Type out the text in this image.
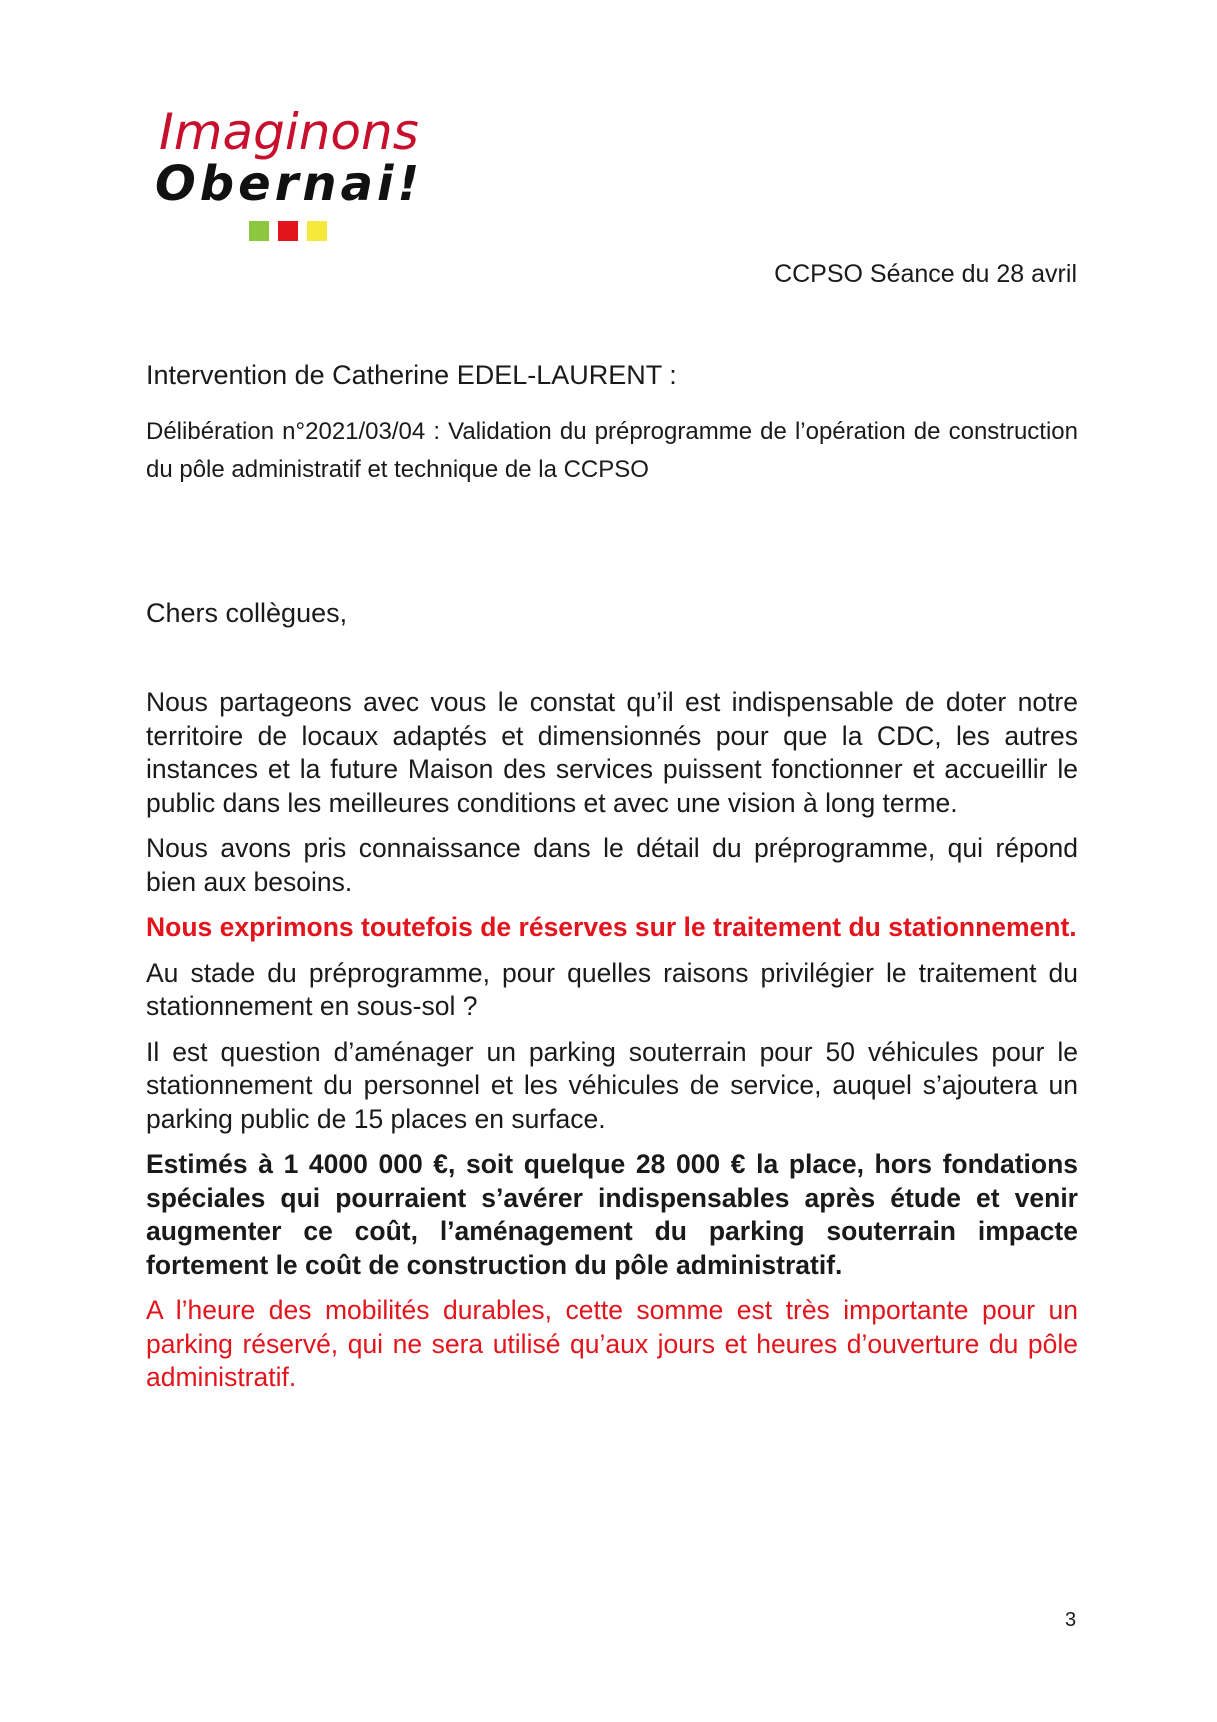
Imaginons
Obernai!
CCPSO Séance du 28 avril
Intervention de Catherine EDEL-LAURENT :
Délibération n°2021/03/04 : Validation du préprogramme de l’opération de construction du pôle administratif et technique de la CCPSO
Chers collègues,

Nous partageons avec vous le constat qu’il est indispensable de doter notre territoire de locaux adaptés et dimensionnés pour que la CDC, les autres instances et la future Maison des services puissent fonctionner et accueillir le public dans les meilleures conditions et avec une vision à long terme.

Nous avons pris connaissance dans le détail du préprogramme, qui répond bien aux besoins.

Nous exprimons toutefois de réserves sur le traitement du stationnement.

Au stade du préprogramme, pour quelles raisons privilégier le traitement du stationnement en sous-sol ?

Il est question d’aménager un parking souterrain pour 50 véhicules pour le stationnement du personnel et les véhicules de service, auquel s’ajoutera un parking public de 15 places en surface.

Estimés à 1 4000 000 €, soit quelque 28 000 € la place, hors fondations spéciales qui pourraient s’avérer indispensables après étude et venir augmenter ce coût, l’aménagement du parking souterrain impacte fortement le coût de construction du pôle administratif.

A l’heure des mobilités durables, cette somme est très importante pour un parking réservé, qui ne sera utilisé qu’aux jours et heures d’ouverture du pôle administratif.

3
